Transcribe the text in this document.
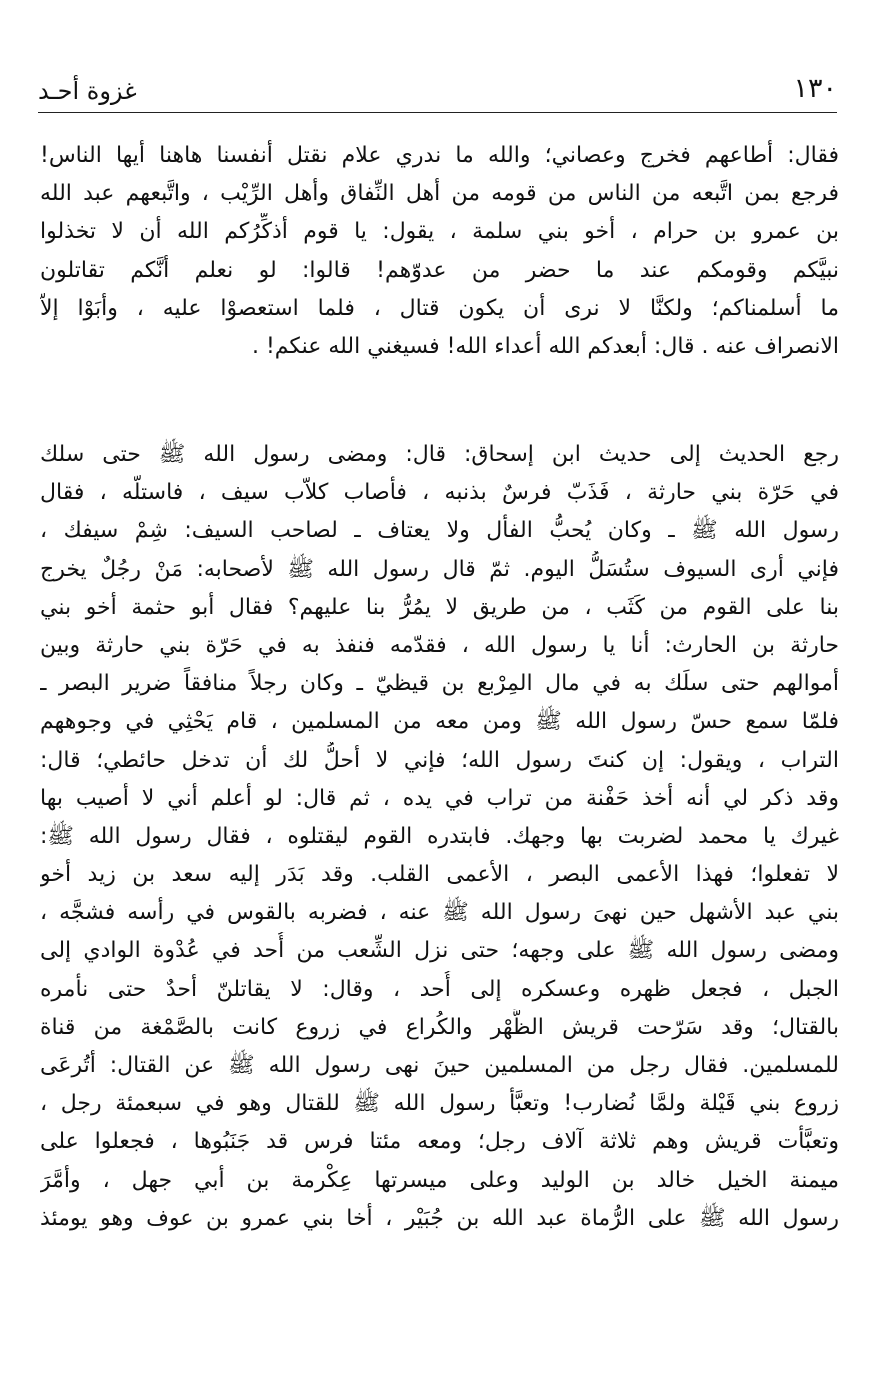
١٣٠
غزوة أحـد
فقال: أطاعهم فخرج وعصاني؛ والله ما ندري علام نقتل أنفسنا هاهنا أيها الناس!
فرجع بمن اتَّبعه من الناس من قومه من أهل النِّفاق وأهل الرِّيْب ، واتَّبعهم عبد الله
بن عمرو بن حرام ، أخو بني سلمة ، يقول: يا قوم أذكِّرُكم الله أن لا تخذلوا
نبيَّكم وقومكم عند ما حضر من عدوّهم! قالوا: لو نعلم أنَّكم تقاتلون
ما أسلمناكم؛ ولكنَّا لا نرى أن يكون قتال ، فلما استعصوْا عليه ، وأبَوْا إلاّ
الانصراف عنه . قال: أبعدكم الله أعداء الله! فسيغني الله عنكم! .
رجع الحديث إلى حديث ابن إسحاق: قال: ومضى رسول الله ﷺ حتى سلك
في حَرّة بني حارثة ، فَذَبّ فرسٌ بذنبه ، فأصاب كلاّب سيف ، فاستلّه ، فقال
رسول الله ﷺ ـ وكان يُحبُّ الفأل ولا يعتاف ـ لصاحب السيف: شِمْ سيفك ،
فإني أرى السيوف ستُسَلُّ اليوم. ثمّ قال رسول الله ﷺ لأصحابه: مَنْ رجُلٌ يخرج
بنا على القوم من كَثَب ، من طريق لا يمُرُّ بنا عليهم؟ فقال أبو حثمة أخو بني
حارثة بن الحارث: أنا يا رسول الله ، فقدّمه فنفذ به في حَرّة بني حارثة وبين
أموالهم حتى سلَك به في مال المِرْبع بن قيظيّ ـ وكان رجلاً منافقاً ضرير البصر ـ
فلمّا سمع حسّ رسول الله ﷺ ومن معه من المسلمين ، قام يَحْثِي في وجوههم
التراب ، ويقول: إن كنتَ رسول الله؛ فإني لا أحلُّ لك أن تدخل حائطي؛ قال:
وقد ذكر لي أنه أخذ حَفْنة من تراب في يده ، ثم قال: لو أعلم أني لا أصيب بها
غيرك يا محمد لضربت بها وجهك. فابتدره القوم ليقتلوه ، فقال رسول الله ﷺ:
لا تفعلوا؛ فهذا الأعمى البصر ، الأعمى القلب. وقد بَدَر إليه سعد بن زيد أخو
بني عبد الأشهل حين نهىَ رسول الله ﷺ عنه ، فضربه بالقوس في رأسه فشجَّه ،
ومضى رسول الله ﷺ على وجهه؛ حتى نزل الشِّعب من أُحد في عُدْوة الوادي إلى
الجبل ، فجعل ظهره وعسكره إلى أُحد ، وقال: لا يقاتلنّ أحدٌ حتى نأمره
بالقتال؛ وقد سَرّحت قريش الظَّهْر والكُراع في زروع كانت بالصَّمْغة من قناة
للمسلمين. فقال رجل من المسلمين حينَ نهى رسول الله ﷺ عن القتال: أتُرعَى
زروع بني قَيْلة ولمَّا نُضارب! وتعبَّأ رسول الله ﷺ للقتال وهو في سبعمئة رجل ،
وتعبَّأت قريش وهم ثلاثة آلاف رجل؛ ومعه مئتا فرس قد جَنَبُوها ، فجعلوا على
ميمنة الخيل خالد بن الوليد وعلى ميسرتها عِكْرمة بن أبي جهل ، وأمَّرَ
رسول الله ﷺ على الرُّماة عبد الله بن جُبَيْر ، أخا بني عمرو بن عوف وهو يومئذ
